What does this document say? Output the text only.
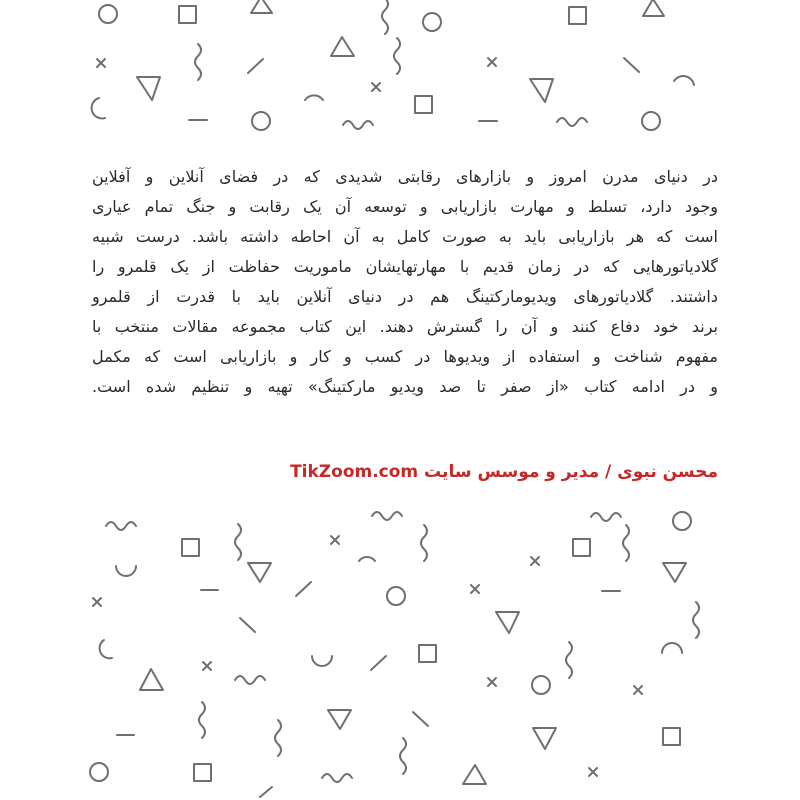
در دنیای مدرن امروز و بازارهای رقابتی شدیدی که در فضای آنلاین و آفلاین
وجود دارد، تسلط و مهارت بازاریابی و توسعه آن یک رقابت و جنگ تمام عیاری
است که هر بازاریابی باید به صورت کامل به آن احاطه داشته باشد. درست شبیه
گلادیاتورهایی که در زمان قدیم با مهارتهایشان ماموریت حفاظت از یک قلمرو را
داشتند. گلادیاتورهای ویدیومارکتینگ هم در دنیای آنلاین باید با قدرت از قلمرو
برند خود دفاع کنند و آن را گسترش دهند. این کتاب مجموعه مقالات منتخب با
مفهوم شناخت و استفاده از ویدیوها در کسب و کار و بازاریابی است که مکمل
و در ادامه کتاب «از صفر تا صد ویدیو مارکتینگ» تهیه و تنظیم شده است.
محسن نبوی / مدیر و موسس سایت TikZoom.com
